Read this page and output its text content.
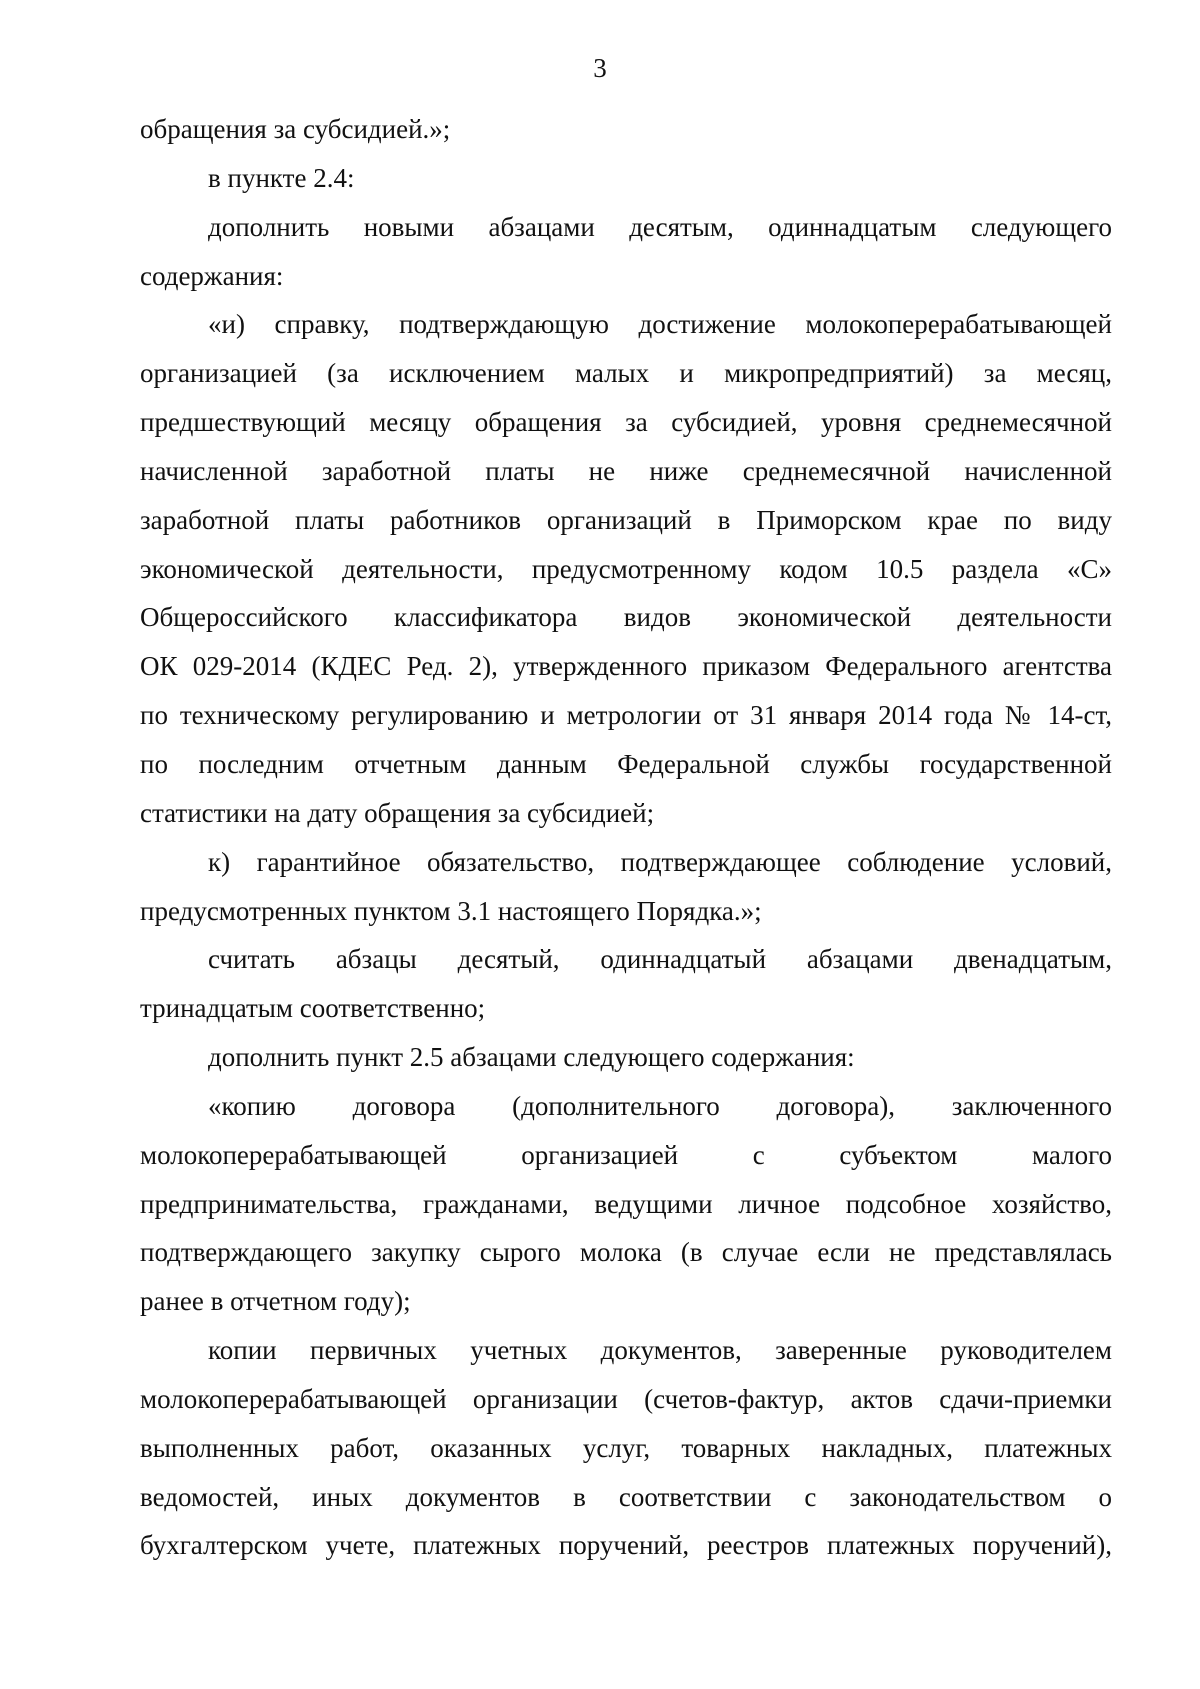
3
обращения за субсидией.»;
в пункте 2.4:
дополнить новыми абзацами десятым, одиннадцатым следующего
содержания:
«и) справку, подтверждающую достижение молокоперерабатывающей
организацией (за исключением малых и микропредприятий) за месяц,
предшествующий месяцу обращения за субсидией, уровня среднемесячной
начисленной заработной платы не ниже среднемесячной начисленной
заработной платы работников организаций в Приморском крае по виду
экономической деятельности, предусмотренному кодом 10.5 раздела «С»
Общероссийского классификатора видов экономической деятельности
ОК 029-2014 (КДЕС Ред. 2), утвержденного приказом Федерального агентства
по техническому регулированию и метрологии от 31 января 2014 года № 14-ст,
по последним отчетным данным Федеральной службы государственной
статистики на дату обращения за субсидией;
к) гарантийное обязательство, подтверждающее соблюдение условий,
предусмотренных пунктом 3.1 настоящего Порядка.»;
считать абзацы десятый, одиннадцатый абзацами двенадцатым,
тринадцатым соответственно;
дополнить пункт 2.5 абзацами следующего содержания:
«копию договора (дополнительного договора), заключенного
молокоперерабатывающей организацией с субъектом малого
предпринимательства, гражданами, ведущими личное подсобное хозяйство,
подтверждающего закупку сырого молока (в случае если не представлялась
ранее в отчетном году);
копии первичных учетных документов, заверенные руководителем
молокоперерабатывающей организации (счетов-фактур, актов сдачи-приемки
выполненных работ, оказанных услуг, товарных накладных, платежных
ведомостей, иных документов в соответствии с законодательством о
бухгалтерском учете, платежных поручений, реестров платежных поручений),
